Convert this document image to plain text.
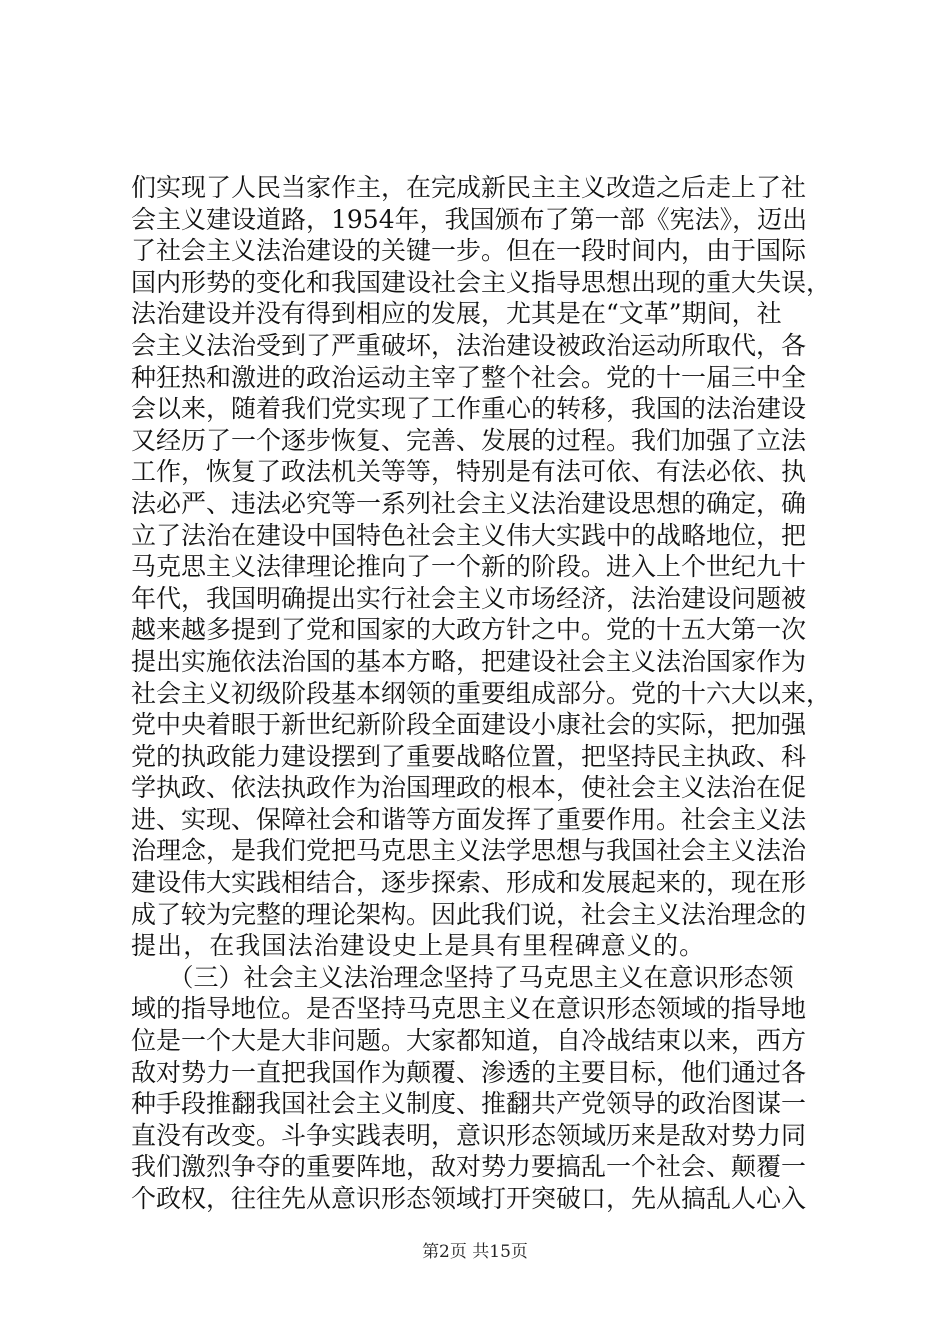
们实现了人民当家作主，在完成新民主主义改造之后走上了社
会主义建设道路，1954年，我国颁布了第一部《宪法》，迈出
了社会主义法治建设的关键一步。但在一段时间内，由于国际
国内形势的变化和我国建设社会主义指导思想出现的重大失误，
法治建设并没有得到相应的发展，尤其是在“文革”期间，社
会主义法治受到了严重破坏，法治建设被政治运动所取代，各
种狂热和激进的政治运动主宰了整个社会。党的十一届三中全
会以来，随着我们党实现了工作重心的转移，我国的法治建设
又经历了一个逐步恢复、完善、发展的过程。我们加强了立法
工作，恢复了政法机关等等，特别是有法可依、有法必依、执
法必严、违法必究等一系列社会主义法治建设思想的确定，确
立了法治在建设中国特色社会主义伟大实践中的战略地位，把
马克思主义法律理论推向了一个新的阶段。进入上个世纪九十
年代，我国明确提出实行社会主义市场经济，法治建设问题被
越来越多提到了党和国家的大政方针之中。党的十五大第一次
提出实施依法治国的基本方略，把建设社会主义法治国家作为
社会主义初级阶段基本纲领的重要组成部分。党的十六大以来，
党中央着眼于新世纪新阶段全面建设小康社会的实际，把加强
党的执政能力建设摆到了重要战略位置，把坚持民主执政、科
学执政、依法执政作为治国理政的根本，使社会主义法治在促
进、实现、保障社会和谐等方面发挥了重要作用。社会主义法
治理念，是我们党把马克思主义法学思想与我国社会主义法治
建设伟大实践相结合，逐步探索、形成和发展起来的，现在形
成了较为完整的理论架构。因此我们说，社会主义法治理念的
提出，在我国法治建设史上是具有里程碑意义的。
　　（三）社会主义法治理念坚持了马克思主义在意识形态领
域的指导地位。是否坚持马克思主义在意识形态领域的指导地
位是一个大是大非问题。大家都知道，自冷战结束以来，西方
敌对势力一直把我国作为颠覆、渗透的主要目标，他们通过各
种手段推翻我国社会主义制度、推翻共产党领导的政治图谋一
直没有改变。斗争实践表明，意识形态领域历来是敌对势力同
我们激烈争夺的重要阵地，敌对势力要搞乱一个社会、颠覆一
个政权，往往先从意识形态领域打开突破口，先从搞乱人心入
第2页 共15页
